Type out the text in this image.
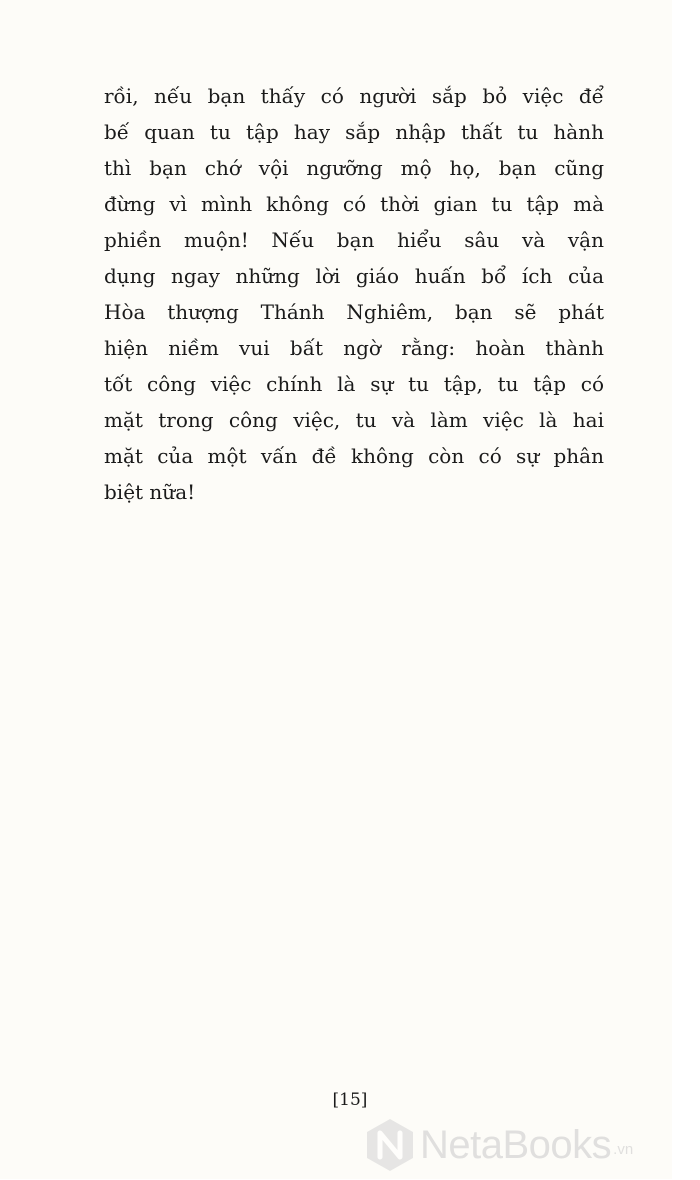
rồi, nếu bạn thấy có người sắp bỏ việc để
bế quan tu tập hay sắp nhập thất tu hành
thì bạn chớ vội ngưỡng mộ họ, bạn cũng
đừng vì mình không có thời gian tu tập mà
phiền muộn! Nếu bạn hiểu sâu và vận
dụng ngay những lời giáo huấn bổ ích của
Hòa thượng Thánh Nghiêm, bạn sẽ phát
hiện niềm vui bất ngờ rằng: hoàn thành
tốt công việc chính là sự tu tập, tu tập có
mặt trong công việc, tu và làm việc là hai
mặt của một vấn đề không còn có sự phân
biệt nữa!
[15]
NetaBooks .vn
